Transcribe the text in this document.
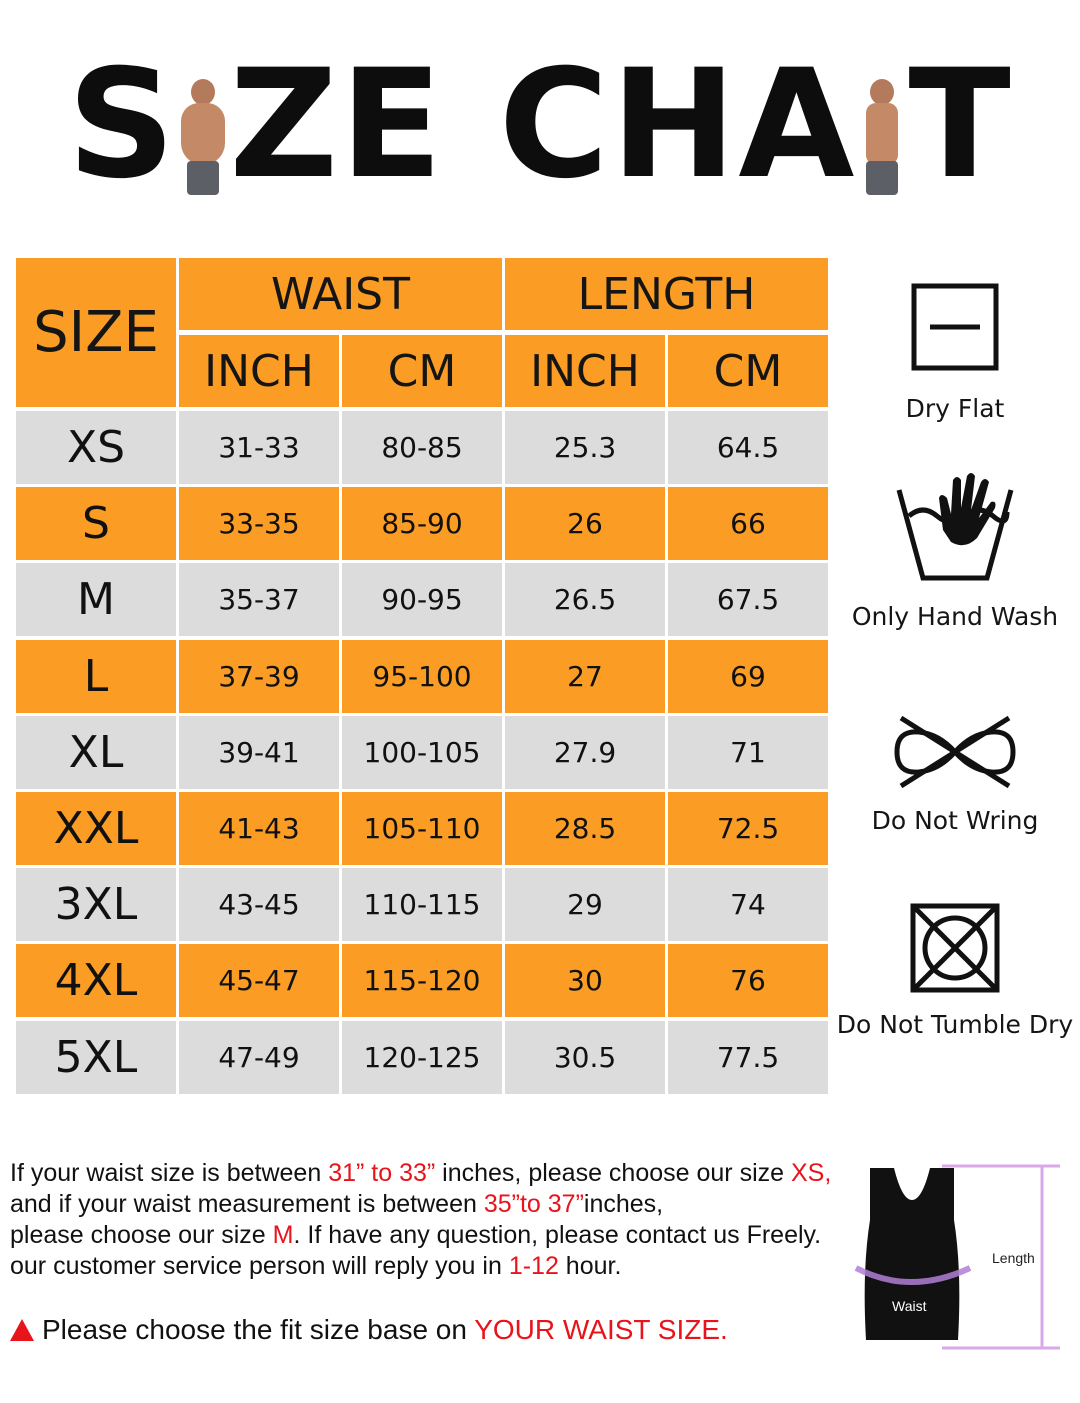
S ZE CHA T
SIZE
WAIST	LENGTH
INCH	CM	INCH	CM
XS	31-33	80-85	25.3	64.5
S	33-35	85-90	26	66
M	35-37	90-95	26.5	67.5
L	37-39	95-100	27	69
XL	39-41	100-105	27.9	71
XXL	41-43	105-110	28.5	72.5
3XL	43-45	110-115	29	74
4XL	45-47	115-120	30	76
5XL	47-49	120-125	30.5	77.5
Dry Flat
Only Hand Wash
Do Not Wring
Do Not Tumble Dry
If your waist size is between 31” to 33” inches, please choose our size XS,
and if your waist measurement is between 35”to 37”inches,
please choose our size M. If have any question, please contact us Freely.
our customer service person will reply you in 1-12 hour.
Please choose the fit size base on YOUR WAIST SIZE.
Length
Waist
